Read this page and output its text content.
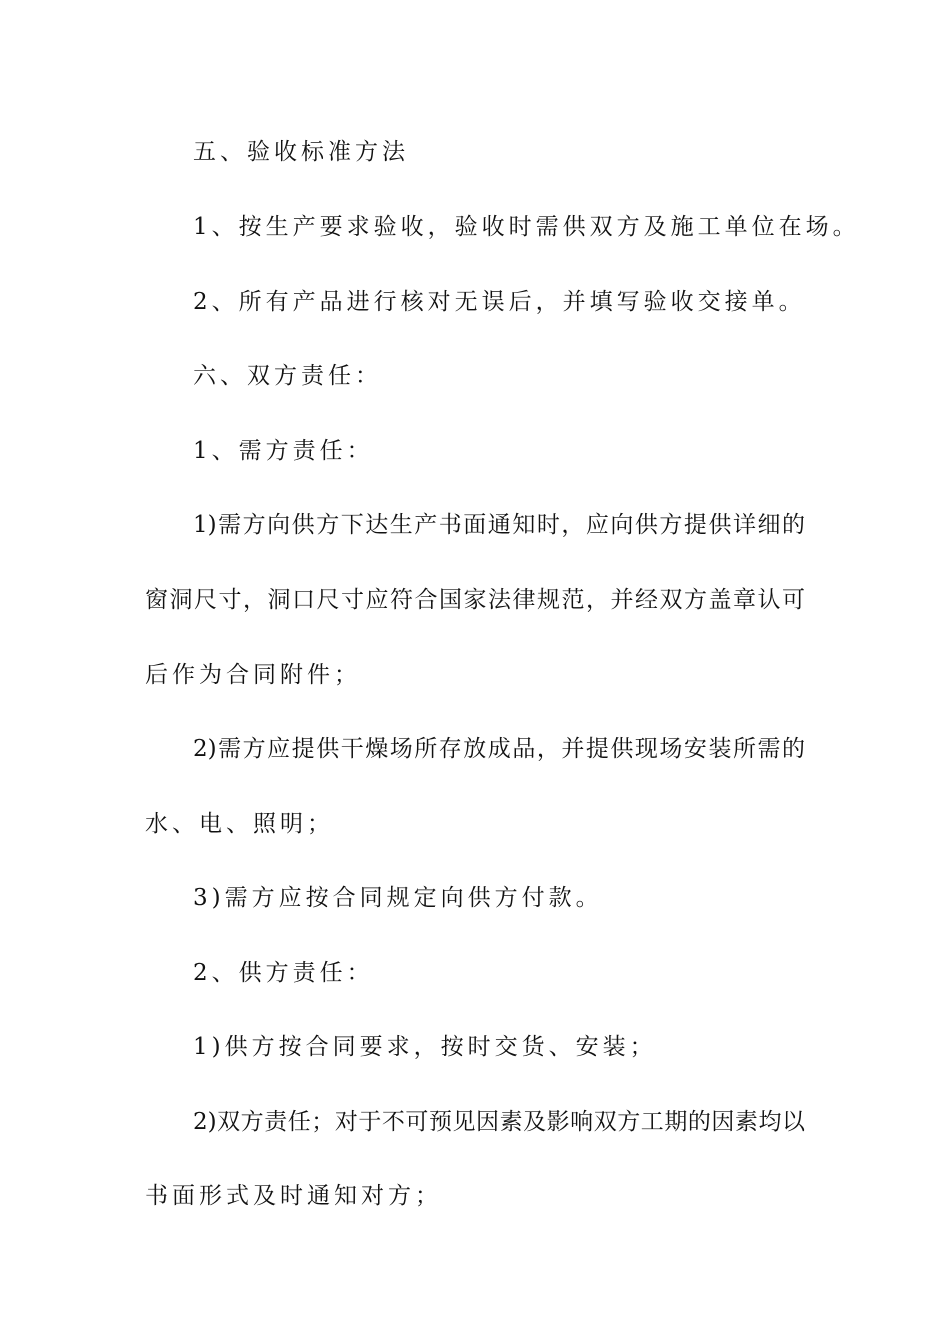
五、验收标准方法
1、按生产要求验收，验收时需供双方及施工单位在场。
2、所有产品进行核对无误后，并填写验收交接单。
六、双方责任：
1、需方责任：
1)需方向供方下达生产书面通知时，应向供方提供详细的
窗洞尺寸，洞口尺寸应符合国家法律规范，并经双方盖章认可
后作为合同附件；
2)需方应提供干燥场所存放成品，并提供现场安装所需的
水、电、照明；
3)需方应按合同规定向供方付款。
2、供方责任：
1)供方按合同要求，按时交货、安装；
2)双方责任；对于不可预见因素及影响双方工期的因素均以
书面形式及时通知对方；
